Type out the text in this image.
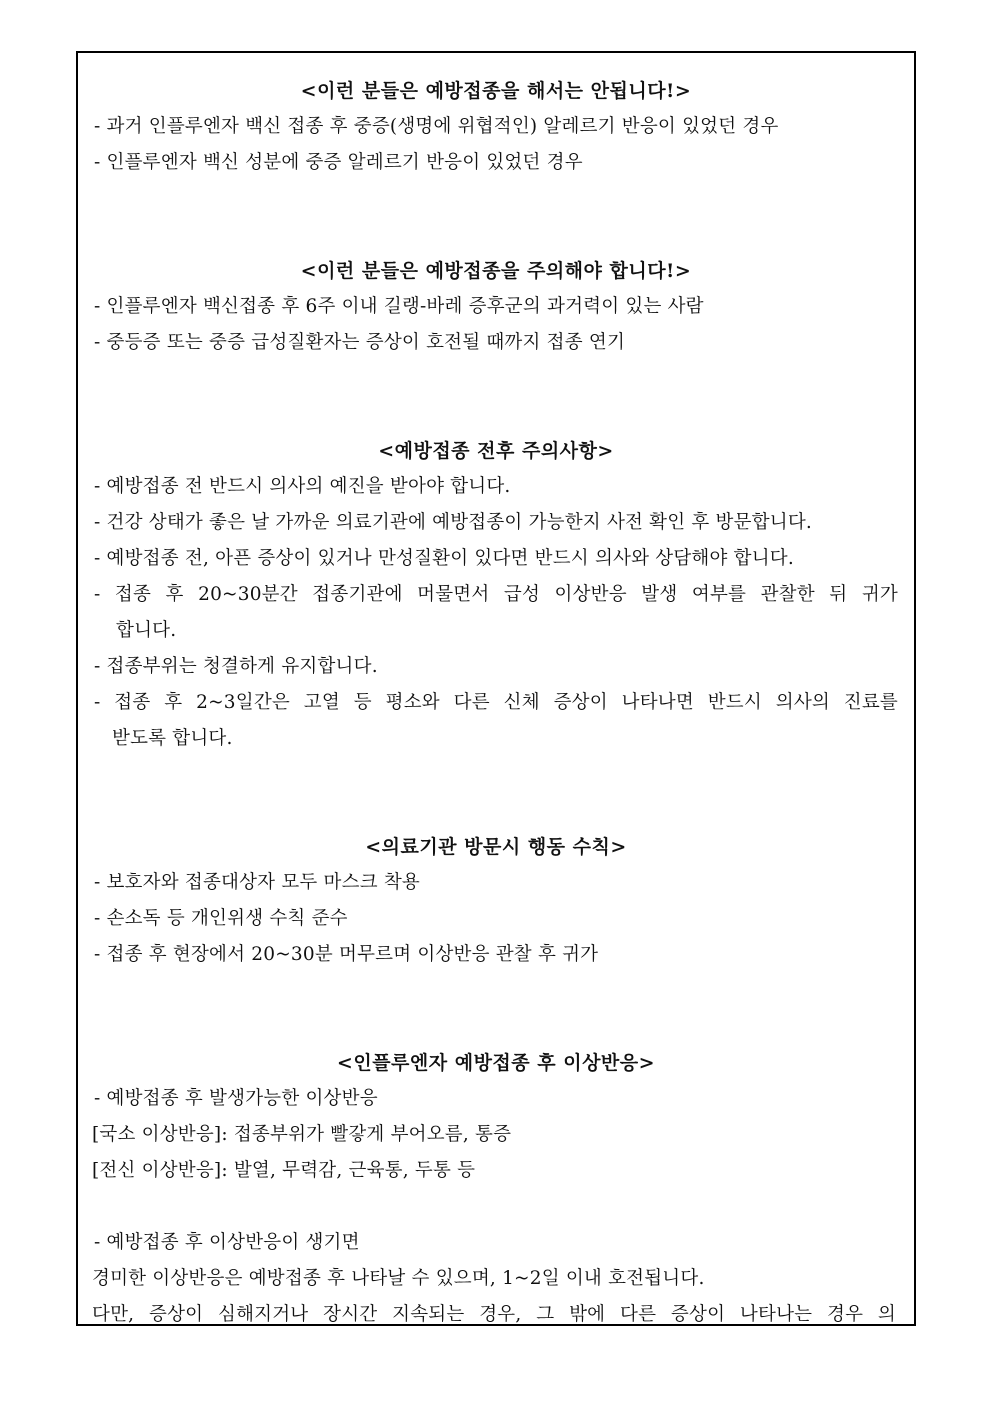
<이런 분들은 예방접종을 해서는 안됩니다!>
- 과거 인플루엔자 백신 접종 후 중증(생명에 위협적인) 알레르기 반응이 있었던 경우
- 인플루엔자 백신 성분에 중증 알레르기 반응이 있었던 경우
<이런 분들은 예방접종을 주의해야 합니다!>
- 인플루엔자 백신접종 후 6주 이내 길랭-바레 증후군의 과거력이 있는 사람
- 중등증 또는 중증 급성질환자는 증상이 호전될 때까지 접종 연기
<예방접종 전후 주의사항>
- 예방접종 전 반드시 의사의 예진을 받아야 합니다.
- 건강 상태가 좋은 날 가까운 의료기관에 예방접종이 가능한지 사전 확인 후 방문합니다.
- 예방접종 전, 아픈 증상이 있거나 만성질환이 있다면 반드시 의사와 상담해야 합니다.
- 접종 후 20~30분간 접종기관에 머물면서 급성 이상반응 발생 여부를 관찰한 뒤 귀가
합니다.
- 접종부위는 청결하게 유지합니다.
- 접종 후 2~3일간은 고열 등 평소와 다른 신체 증상이 나타나면 반드시 의사의 진료를
받도록 합니다.
<의료기관 방문시 행동 수칙>
- 보호자와 접종대상자 모두 마스크 착용
- 손소독 등 개인위생 수칙 준수
- 접종 후 현장에서 20~30분 머무르며 이상반응 관찰 후 귀가
<인플루엔자 예방접종 후 이상반응>
- 예방접종 후 발생가능한 이상반응
[국소 이상반응]: 접종부위가 빨갛게 부어오름, 통증
[전신 이상반응]: 발열, 무력감, 근육통, 두통 등
- 예방접종 후 이상반응이 생기면
경미한 이상반응은 예방접종 후 나타날 수 있으며, 1~2일 이내 호전됩니다.
다만, 증상이 심해지거나 장시간 지속되는 경우, 그 밖에 다른 증상이 나타나는 경우 의
